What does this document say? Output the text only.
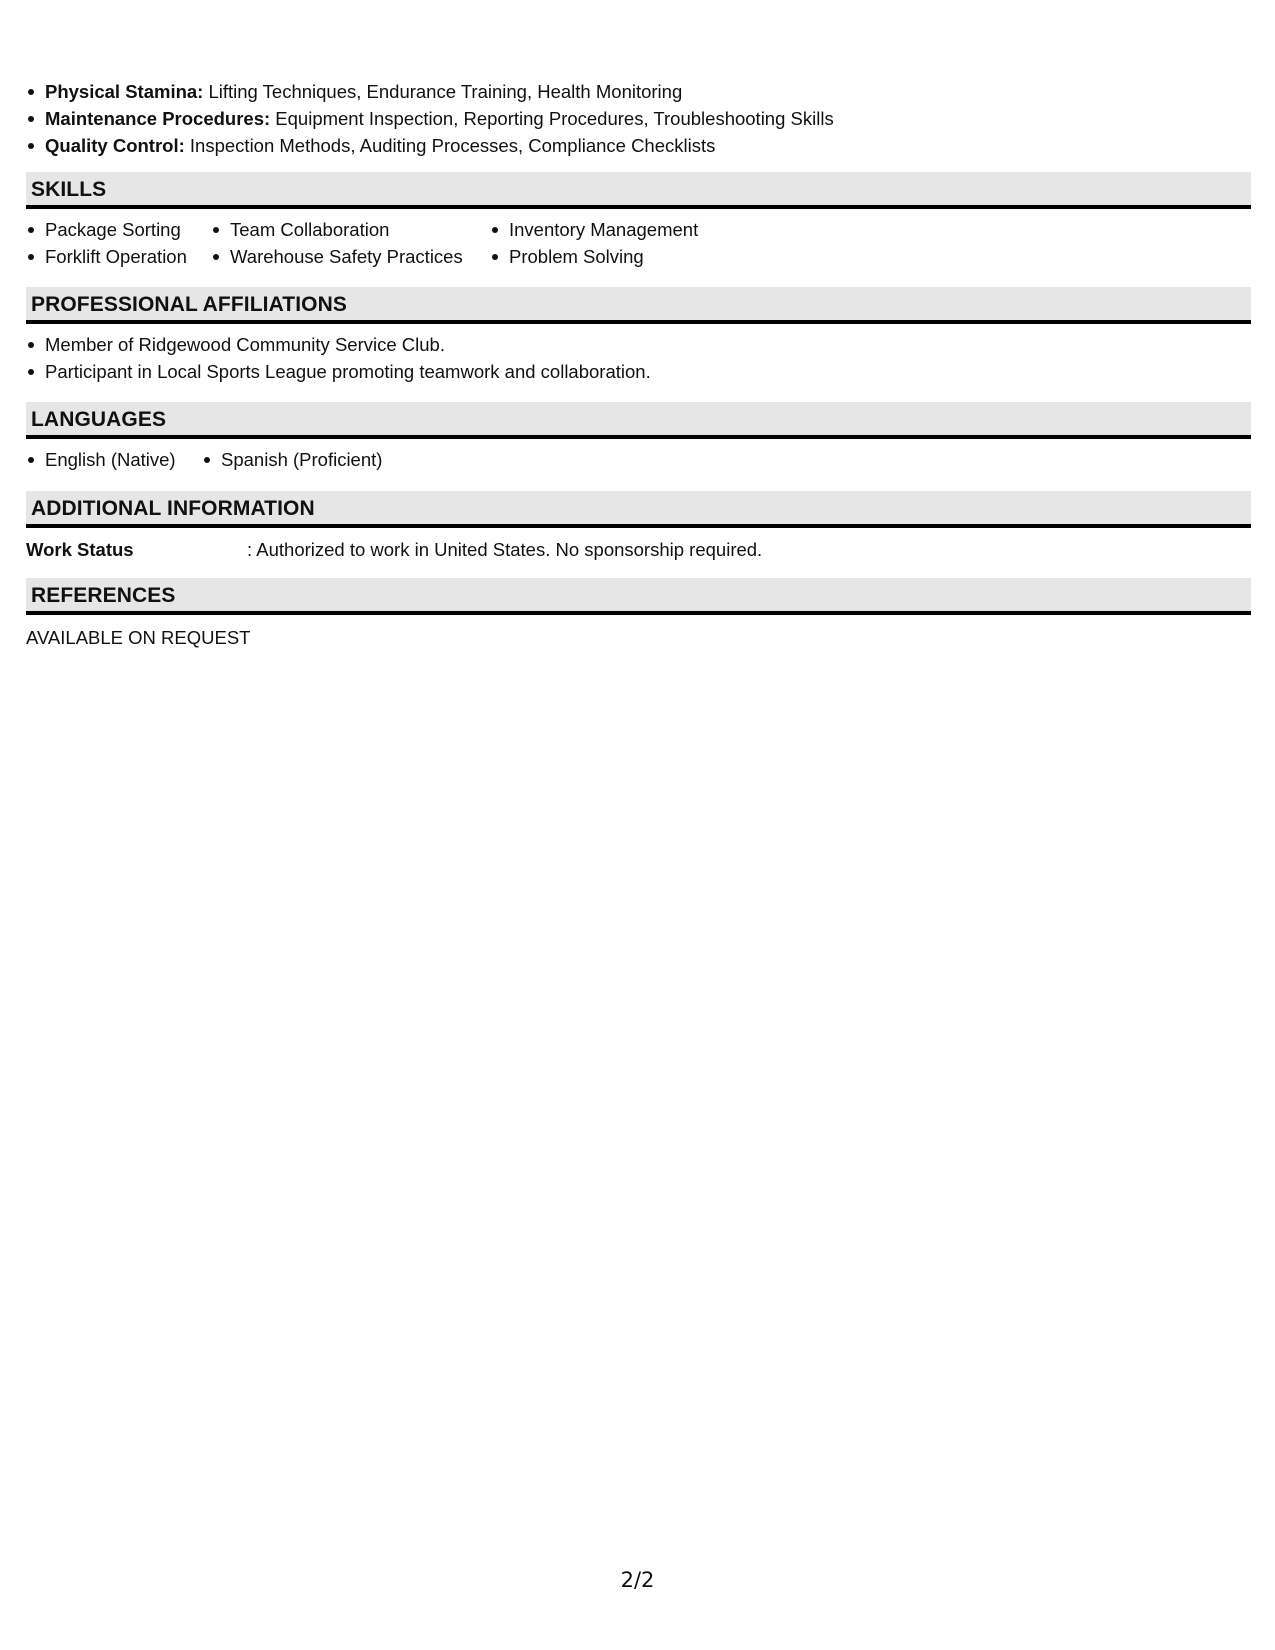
Physical Stamina: Lifting Techniques, Endurance Training, Health Monitoring
Maintenance Procedures: Equipment Inspection, Reporting Procedures, Troubleshooting Skills
Quality Control: Inspection Methods, Auditing Processes, Compliance Checklists
SKILLS
Package Sorting
Forklift Operation
Team Collaboration
Warehouse Safety Practices
Inventory Management
Problem Solving
PROFESSIONAL AFFILIATIONS
Member of Ridgewood Community Service Club.
Participant in Local Sports League promoting teamwork and collaboration.
LANGUAGES
English (Native)	Spanish (Proficient)
ADDITIONAL INFORMATION
Work Status	: Authorized to work in United States. No sponsorship required.
REFERENCES
AVAILABLE ON REQUEST
2/2
